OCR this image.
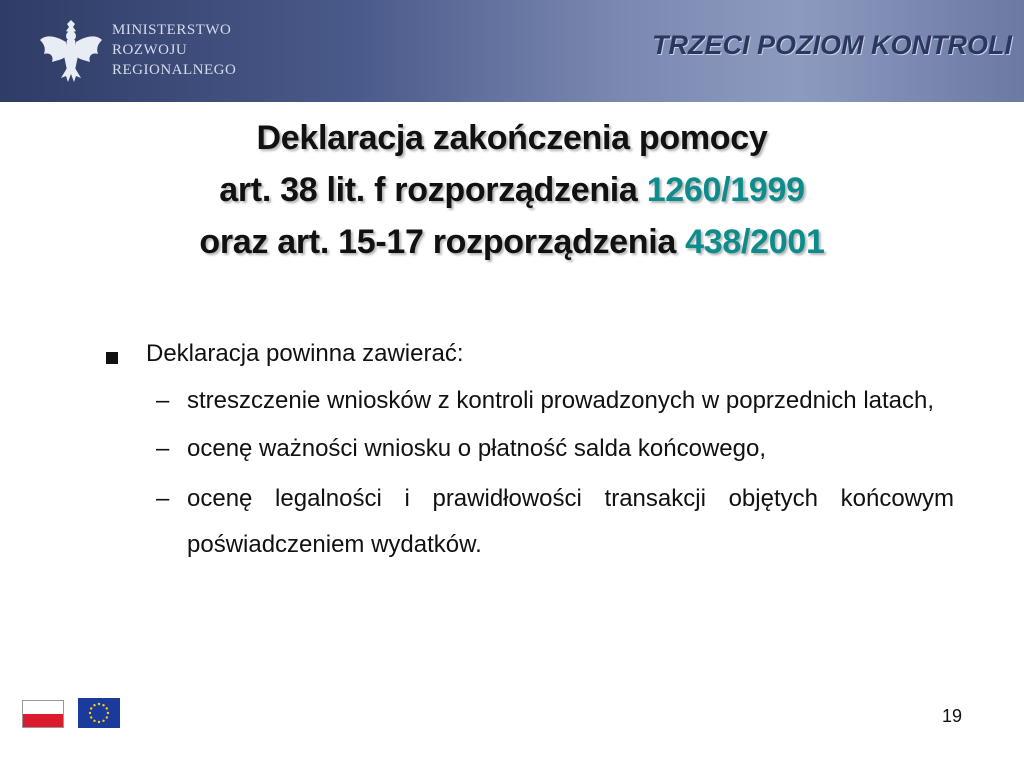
MINISTERSTWO
ROZWOJU
REGIONALNEGO
TRZECI POZIOM KONTROLI
Deklaracja zakończenia pomocy
art. 38 lit. f rozporządzenia 1260/1999
oraz art. 15-17 rozporządzenia 438/2001
Deklaracja powinna zawierać:
– streszczenie wniosków z kontroli prowadzonych w poprzednich latach,
– ocenę ważności wniosku o płatność salda końcowego,
– ocenę legalności i prawidłowości transakcji objętych końcowym poświadczeniem wydatków.
19
